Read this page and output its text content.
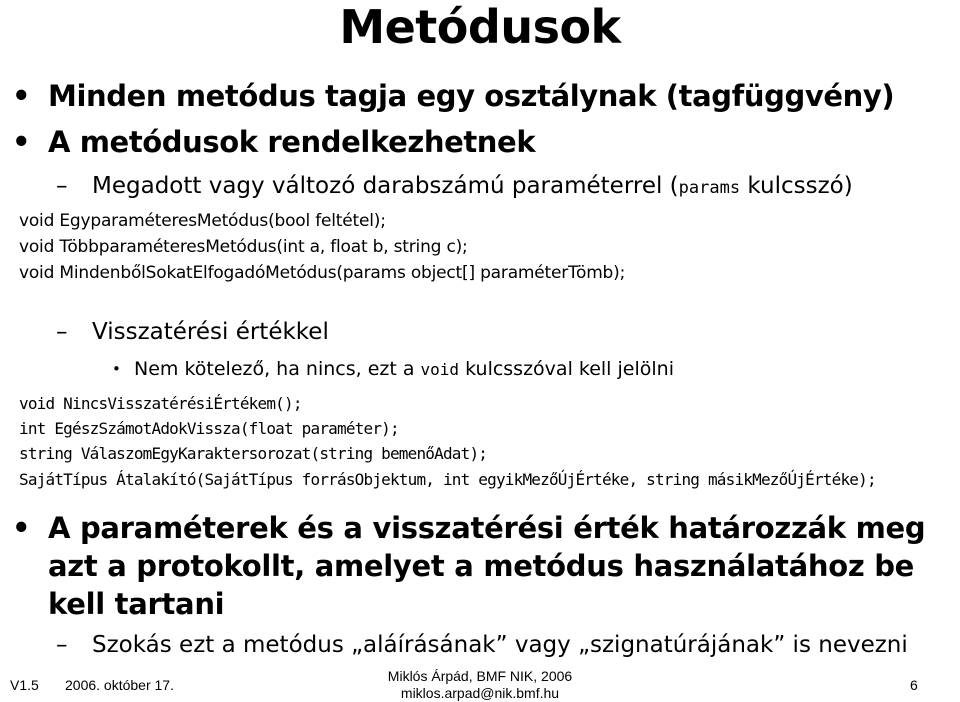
Metódusok
• Minden metódus tagja egy osztálynak (tagfüggvény)
• A metódusok rendelkezhetnek
– Megadott vagy változó darabszámú paraméterrel (params kulcsszó)
void EgyparaméteresMetódus(bool feltétel);
void TöbbparaméteresMetódus(int a, float b, string c);
void MindenbőlSokatElfogadóMetódus(params object[] paraméterTömb);
– Visszatérési értékkel
• Nem kötelező, ha nincs, ezt a void kulcsszóval kell jelölni
void NincsVisszatérésiÉrtékem();
int EgészSzámotAdokVissza(float paraméter);
string VálaszomEgyKaraktersorozat(string bemenőAdat);
SajátTípus Átalakító(SajátTípus forrásObjektum, int egyikMezőÚjÉrtéke, string másikMezőÚjÉrtéke);
• A paraméterek és a visszatérési érték határozzák meg
azt a protokollt, amelyet a metódus használatához be
kell tartani
– Szokás ezt a metódus „aláírásának” vagy „szignatúrájának” is nevezni
V1.5 2006. október 17.
Miklós Árpád, BMF NIK, 2006
miklos.arpad@nik.bmf.hu	6
